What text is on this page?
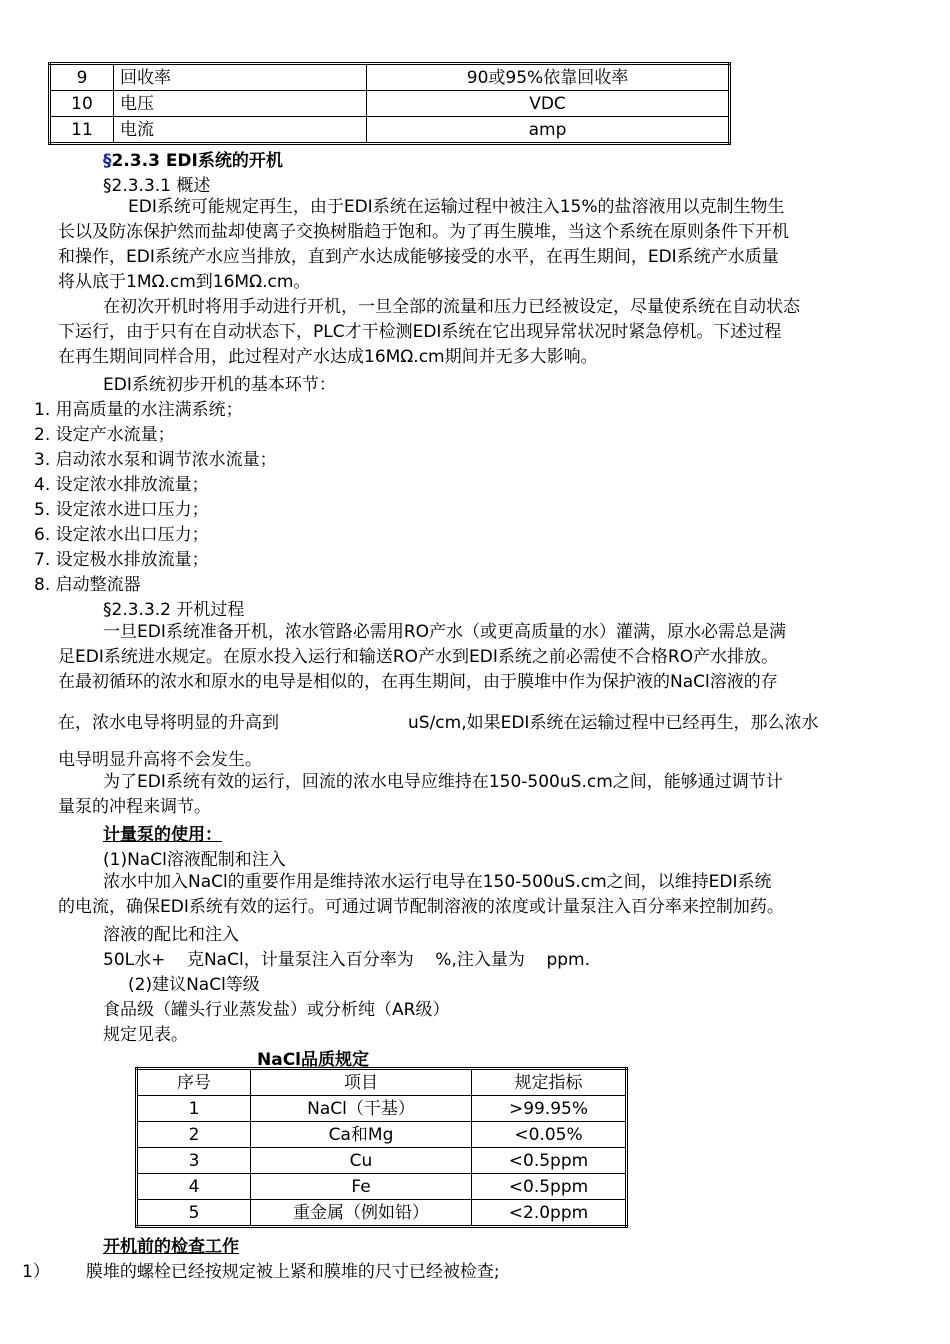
9	回收率	90或95%依靠回收率
10	电压	VDC
11	电流	amp
§2.3.3 EDI系统的开机
§2.3.3.1 概述
EDI系统可能规定再生，由于EDI系统在运输过程中被注入15%的盐溶液用以克制生物生
长以及防冻保护然而盐却使离子交换树脂趋于饱和。为了再生膜堆，当这个系统在原则条件下开机
和操作，EDI系统产水应当排放，直到产水达成能够接受的水平，在再生期间，EDI系统产水质量
将从底于1MΩ.cm到16MΩ.cm。
在初次开机时将用手动进行开机，一旦全部的流量和压力已经被设定，尽量使系统在自动状态
下运行，由于只有在自动状态下，PLC才干检测EDI系统在它出现异常状况时紧急停机。下述过程
在再生期间同样合用，此过程对产水达成16MΩ.cm期间并无多大影响。
EDI系统初步开机的基本环节：
1. 用高质量的水注满系统；
2. 设定产水流量；
3. 启动浓水泵和调节浓水流量；
4. 设定浓水排放流量；
5. 设定浓水进口压力；
6. 设定浓水出口压力；
7. 设定极水排放流量；
8. 启动整流器
§2.3.3.2 开机过程
一旦EDI系统准备开机，浓水管路必需用RO产水（或更高质量的水）灌满，原水必需总是满
足EDI系统进水规定。在原水投入运行和输送RO产水到EDI系统之前必需使不合格RO产水排放。
在最初循环的浓水和原水的电导是相似的，在再生期间，由于膜堆中作为保护液的NaCl溶液的存
在，浓水电导将明显的升高到	uS/cm,如果EDI系统在运输过程中已经再生，那么浓水
电导明显升高将不会发生。
为了EDI系统有效的运行，回流的浓水电导应维持在150-500uS.cm之间，能够通过调节计
量泵的冲程来调节。
计量泵的使用：
(1)NaCl溶液配制和注入
浓水中加入NaCl的重要作用是维持浓水运行电导在150-500uS.cm之间，以维持EDI系统
的电流，确保EDI系统有效的运行。可通过调节配制溶液的浓度或计量泵注入百分率来控制加药。
溶液的配比和注入
50L水+    克NaCl，计量泵注入百分率为    %,注入量为    ppm.
(2)建议NaCl等级
食品级（罐头行业蒸发盐）或分析纯（AR级）
规定见表。
NaCl品质规定
序号	项目	规定指标
1	NaCl（干基）	>99.95%
2	Ca和Mg	<0.05%
3	Cu	<0.5ppm
4	Fe	<0.5ppm
5	重金属（例如铅）	<2.0ppm
开机前的检查工作
1） 膜堆的螺栓已经按规定被上紧和膜堆的尺寸已经被检查;
